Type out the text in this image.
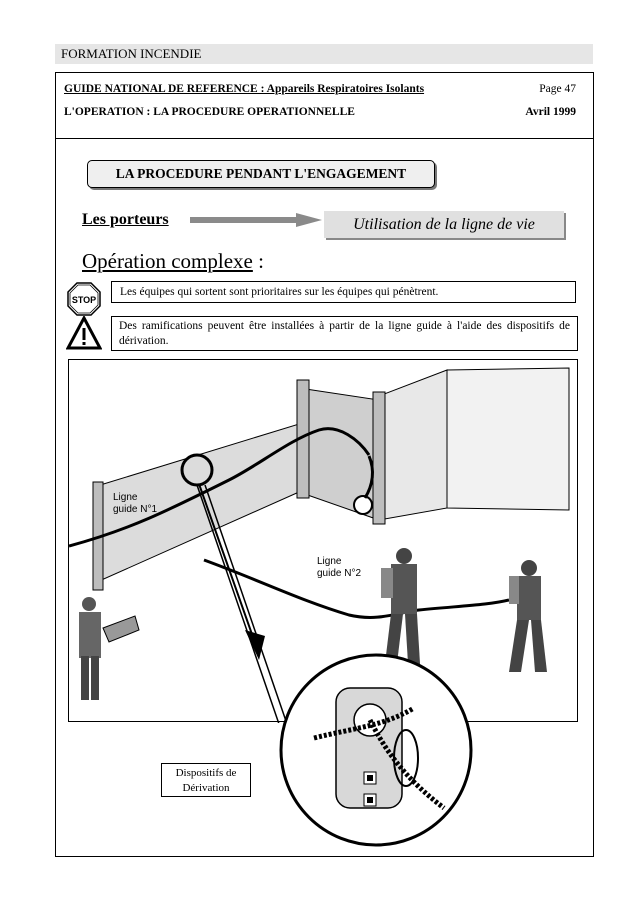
FORMATION INCENDIE
GUIDE NATIONAL DE REFERENCE : Appareils Respiratoires Isolants	Page 47
L'OPERATION : LA PROCEDURE OPERATIONNELLE	Avril 1999
LA PROCEDURE PENDANT L'ENGAGEMENT
Les porteurs	Utilisation de la ligne de vie
Opération complexe :
STOP
Les équipes qui sortent sont prioritaires sur les équipes qui pénètrent.
Des ramifications peuvent être installées à partir de la ligne guide à l'aide des dispositifs de dérivation.
Ligne
guide N°1
Ligne
guide N°2
Dispositifs de
Dérivation
